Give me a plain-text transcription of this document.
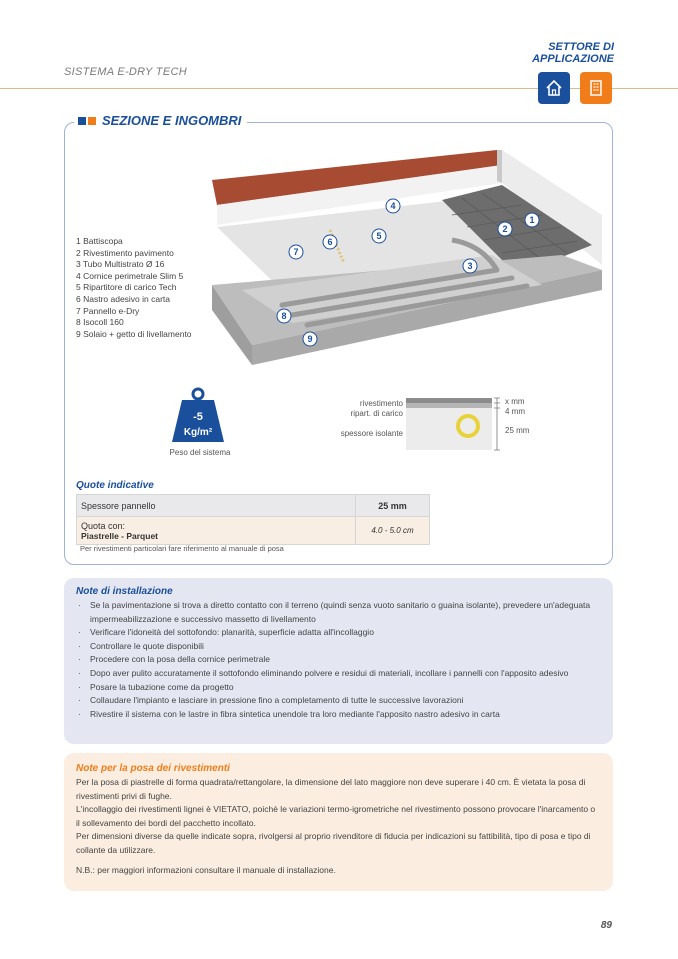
SISTEMA E-DRY TECH
SETTORE DI
APPLICAZIONE
SEZIONE E INGOMBRI
1
2
3
4
5
6
7
8
9
1 Battiscopa
2 Rivestimento pavimento
3 Tubo Multistrato Ø 16
4 Cornice perimetrale Slim 5
5 Ripartitore di carico Tech
6 Nastro adesivo in carta
7 Pannello e-Dry
8 Isocoll 160
9 Solaio + getto di livellamento
-5
Kg/m²
Peso del sistema
rivestimento
ripart. di carico
spessore isolante
x mm
4 mm
25 mm
Quote indicative
Spessore pannello	25 mm

Quota con:
Piastrelle - Parquet	4.0 - 5.0 cm
Per rivestimenti particolari fare riferimento al manuale di posa
Note di installazione
· Se la pavimentazione si trova a diretto contatto con il terreno (quindi senza vuoto sanitario o guaina isolante), prevedere un'adeguata impermeabilizzazione e successivo massetto di livellamento
· Verificare l'idoneità del sottofondo: planarità, superficie adatta all'incollaggio
· Controllare le quote disponibili
· Procedere con la posa della cornice perimetrale
· Dopo aver pulito accuratamente il sottofondo eliminando polvere e residui di materiali, incollare i pannelli con l'apposito adesivo
· Posare la tubazione come da progetto
· Collaudare l'impianto e lasciare in pressione fino a completamento di tutte le successive lavorazioni
· Rivestire il sistema con le lastre in fibra sintetica unendole tra loro mediante l'apposito nastro adesivo in carta
Note per la posa dei rivestimenti

Per la posa di piastrelle di forma quadrata/rettangolare, la dimensione del lato maggiore non deve superare i 40 cm. È vietata la posa di rivestimenti privi di fughe.

L'incollaggio dei rivestimenti lignei è VIETATO, poichè le variazioni termo-igrometriche nel rivestimento possono provocare l'inarcamento o il sollevamento dei bordi del pacchetto incollato.

Per dimensioni diverse da quelle indicate sopra, rivolgersi al proprio rivenditore di fiducia per indicazioni su fattibilità, tipo di posa e tipo di collante da utilizzare.

N.B.: per maggiori informazioni consultare il manuale di installazione.

89
